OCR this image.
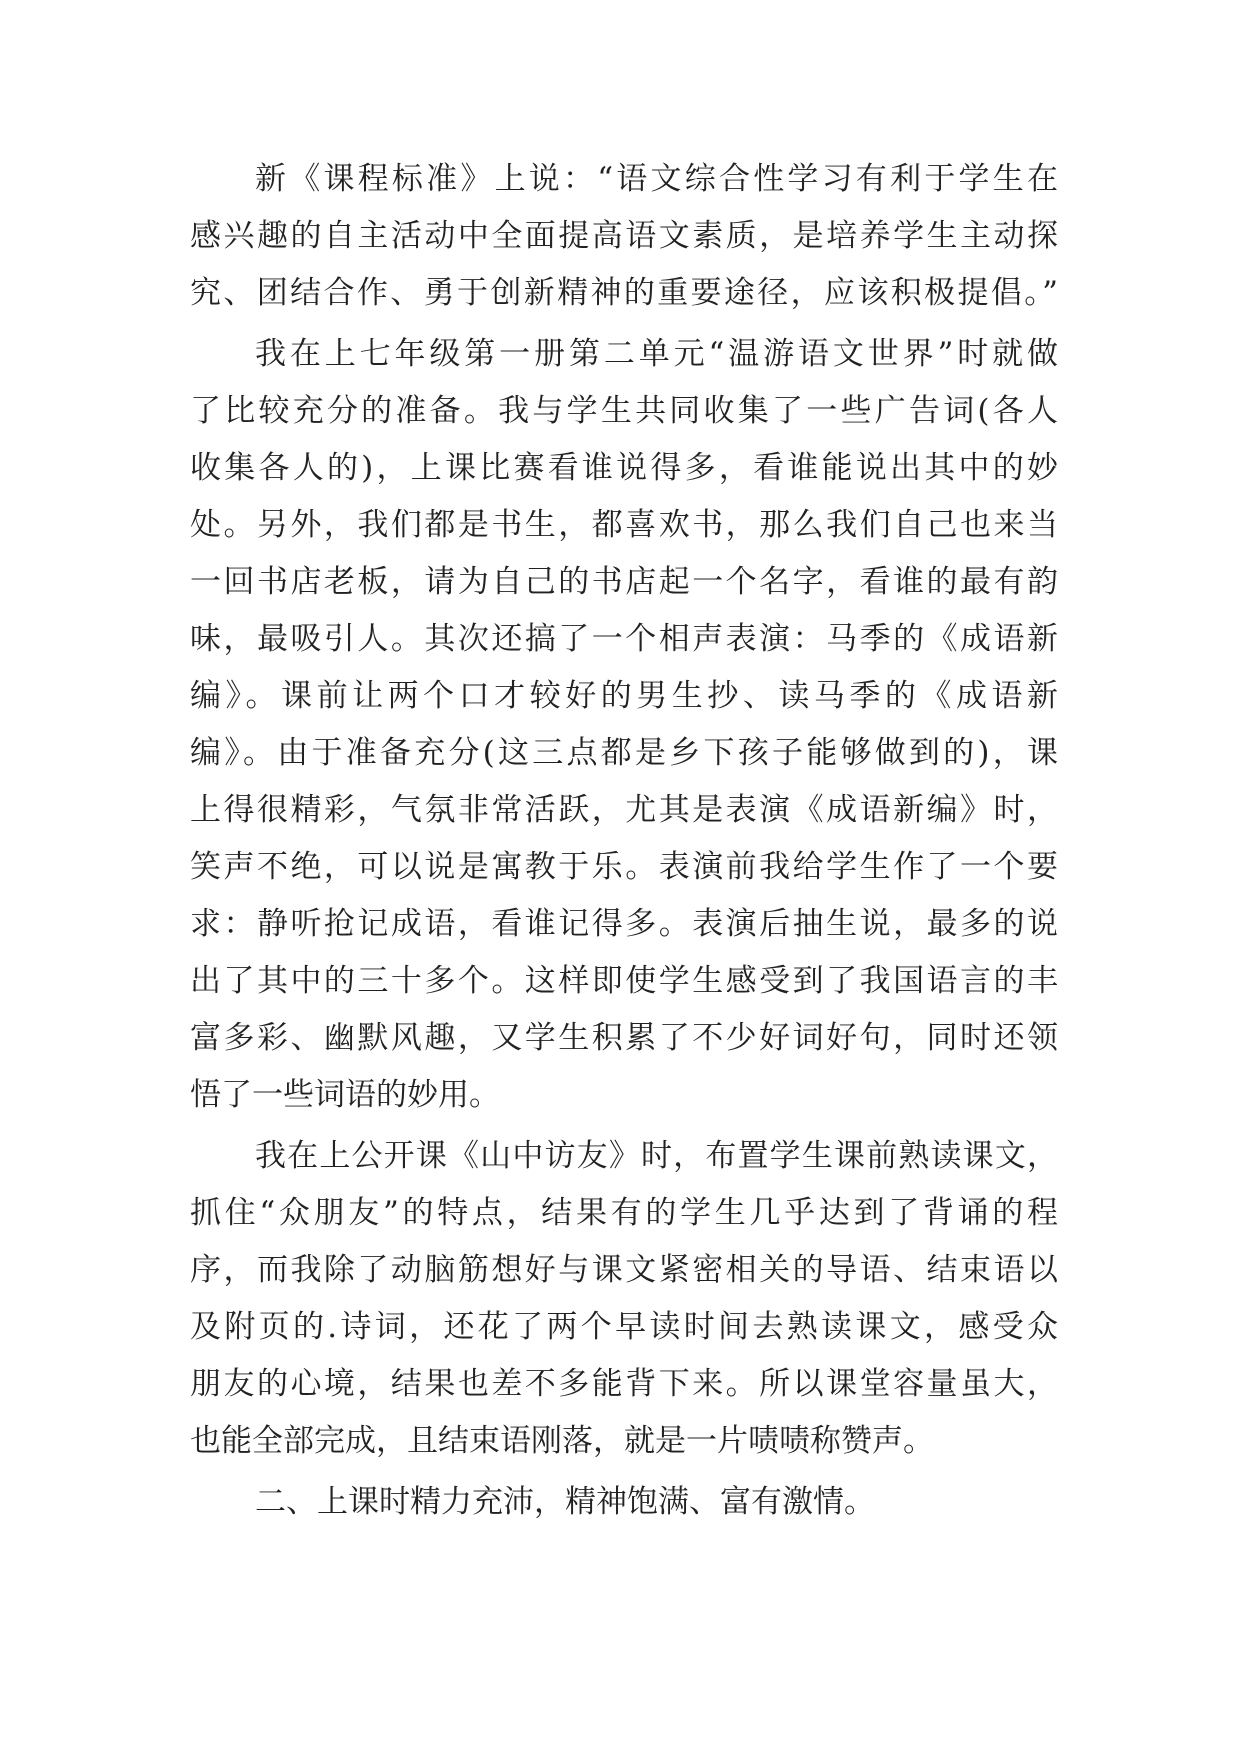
新《课程标准》上说：“语文综合性学习有利于学生在
感兴趣的自主活动中全面提高语文素质，是培养学生主动探
究、团结合作、勇于创新精神的重要途径，应该积极提倡。”
我在上七年级第一册第二单元“温游语文世界”时就做
了比较充分的准备。我与学生共同收集了一些广告词(各人
收集各人的)，上课比赛看谁说得多，看谁能说出其中的妙
处。另外，我们都是书生，都喜欢书，那么我们自己也来当
一回书店老板，请为自己的书店起一个名字，看谁的最有韵
味，最吸引人。其次还搞了一个相声表演：马季的《成语新
编》。课前让两个口才较好的男生抄、读马季的《成语新
编》。由于准备充分(这三点都是乡下孩子能够做到的)，课
上得很精彩，气氛非常活跃，尤其是表演《成语新编》时，
笑声不绝，可以说是寓教于乐。表演前我给学生作了一个要
求：静听抢记成语，看谁记得多。表演后抽生说，最多的说
出了其中的三十多个。这样即使学生感受到了我国语言的丰
富多彩、幽默风趣，又学生积累了不少好词好句，同时还领
悟了一些词语的妙用。
我在上公开课《山中访友》时，布置学生课前熟读课文，
抓住“众朋友”的特点，结果有的学生几乎达到了背诵的程
序，而我除了动脑筋想好与课文紧密相关的导语、结束语以
及附页的.诗词，还花了两个早读时间去熟读课文，感受众
朋友的心境，结果也差不多能背下来。所以课堂容量虽大，
也能全部完成，且结束语刚落，就是一片啧啧称赞声。
二、上课时精力充沛，精神饱满、富有激情。
